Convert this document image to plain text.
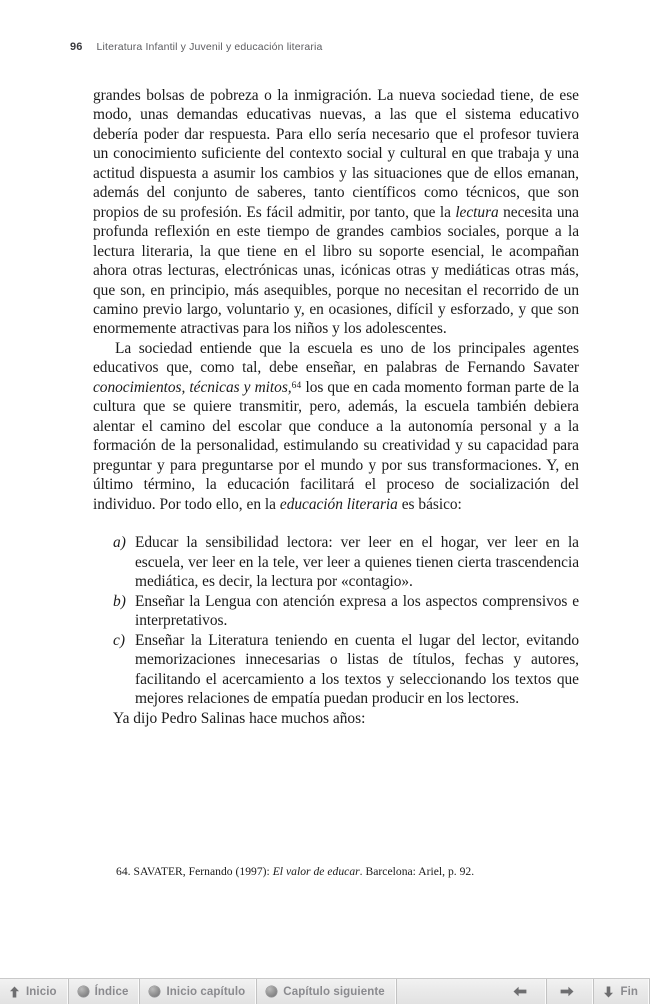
96 Literatura Infantil y Juvenil y educación literaria

grandes bolsas de pobreza o la inmigración. La nueva sociedad tiene, de ese modo, unas demandas educativas nuevas, a las que el sistema educativo debería poder dar respuesta. Para ello sería necesario que el profesor tuviera un conocimiento suficiente del contexto social y cultural en que trabaja y una actitud dispuesta a asumir los cambios y las situaciones que de ellos emanan, además del conjunto de saberes, tanto científicos como técnicos, que son propios de su profesión. Es fácil admitir, por tanto, que la lectura necesita una profunda reflexión en este tiempo de grandes cambios sociales, porque a la lectura literaria, la que tiene en el libro su soporte esencial, le acompañan ahora otras lecturas, electrónicas unas, icónicas otras y mediáticas otras más, que son, en principio, más asequibles, porque no necesitan el recorrido de un camino previo largo, voluntario y, en ocasiones, difícil y esforzado, y que son enormemente atractivas para los niños y los adolescentes.

La sociedad entiende que la escuela es uno de los principales agentes educativos que, como tal, debe enseñar, en palabras de Fernando Savater conocimientos, técnicas y mitos,$^{64}$ los que en cada momento forman parte de la cultura que se quiere transmitir, pero, además, la escuela también debiera alentar el camino del escolar que conduce a la autonomía personal y a la formación de la personalidad, estimulando su creatividad y su capacidad para preguntar y para preguntarse por el mundo y por sus transformaciones. Y, en último término, la educación facilitará el proceso de socialización del individuo. Por todo ello, en la educación literaria es básico:

a) Educar la sensibilidad lectora: ver leer en el hogar, ver leer en la escuela, ver leer en la tele, ver leer a quienes tienen cierta trascendencia mediática, es decir, la lectura por «contagio».
b) Enseñar la Lengua con atención expresa a los aspectos comprensivos e interpretativos.
c) Enseñar la Literatura teniendo en cuenta el lugar del lector, evitando memorizaciones innecesarias o listas de títulos, fechas y autores, facilitando el acercamiento a los textos y seleccionando los textos que mejores relaciones de empatía puedan producir en los lectores.

Ya dijo Pedro Salinas hace muchos años:

64. SAVATER, Fernando (1997): El valor de educar. Barcelona: Ariel, p. 92.
Inicio	Índice	Inicio capítulo	Capítulo siguiente	Fin
